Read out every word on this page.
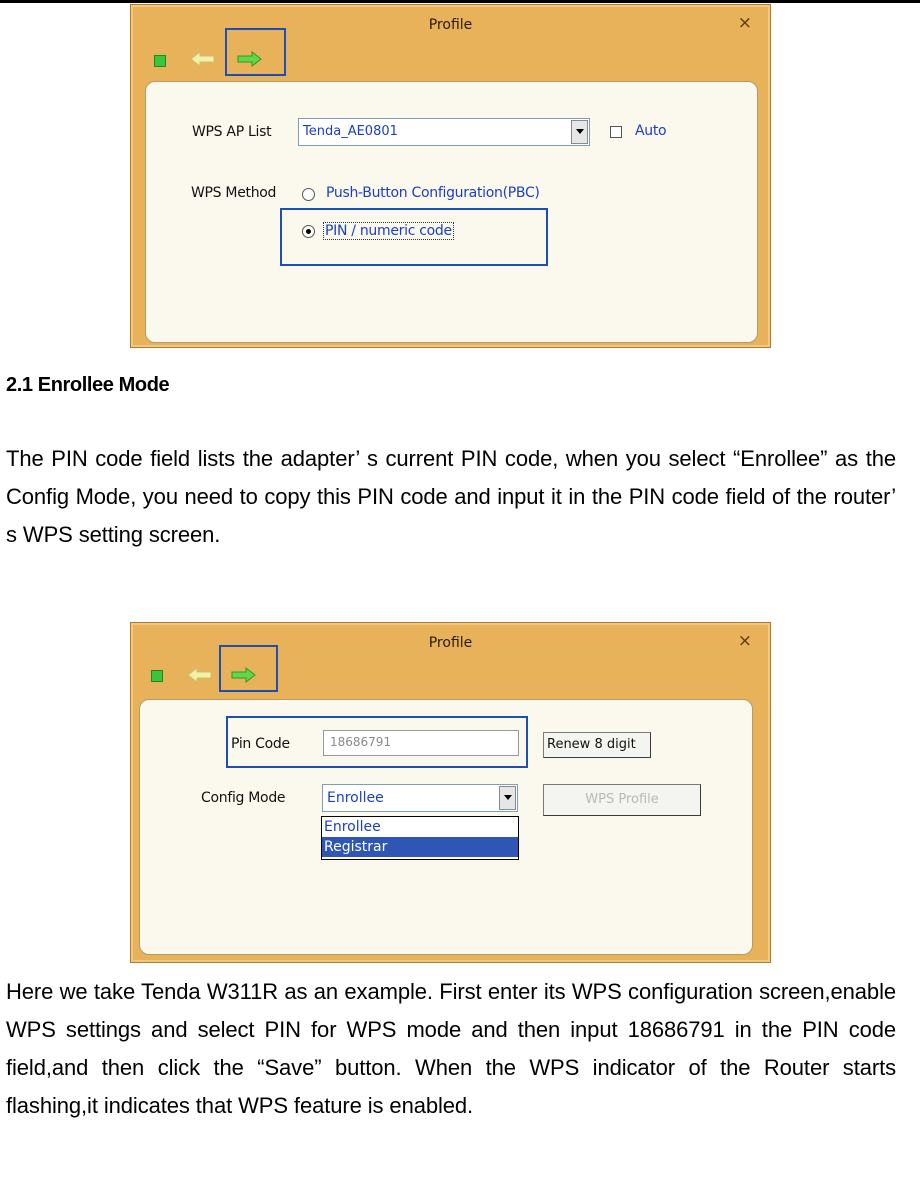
Profile	×
WPS AP List Tenda_AE0801	Auto
WPS Method	Push-Button Configuration(PBC)
PIN / numeric code
2.1 Enrollee Mode
The PIN code field lists the adapter’ s current PIN code, when you select “Enrollee” as the Config Mode, you need to copy this PIN code and input it in the PIN code field of the router’ s WPS setting screen.
Profile	×
Pin Code	18686791	Renew 8 digit
Config Mode	Enrollee	WPS Profile
Enrollee
Registrar
Here we take Tenda W311R as an example. First enter its WPS configuration screen,enable WPS settings and select PIN for WPS mode and then input 18686791 in the PIN code field,and then click the “Save” button. When the WPS indicator of the Router starts flashing,it indicates that WPS feature is enabled.
